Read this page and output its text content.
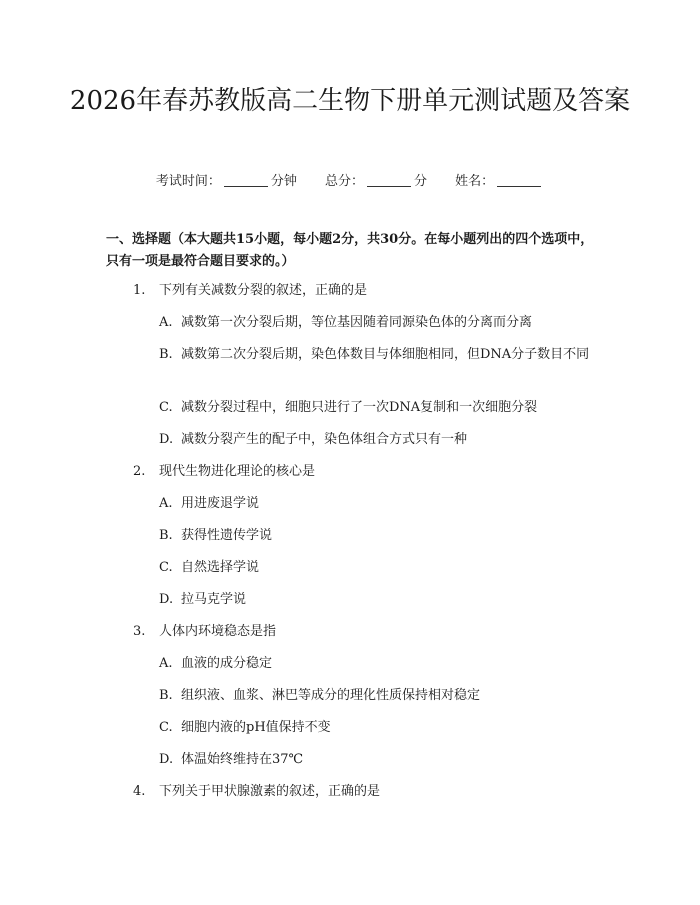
2026年春苏教版高二生物下册单元测试题及答案
考试时间：	分钟 总分：	分 姓名：
一、选择题（本大题共15小题，每小题2分，共30分。在每小题列出的四个选项中，只有一项是最符合题目要求的。）
1. 下列有关减数分裂的叙述，正确的是
A. 减数第一次分裂后期，等位基因随着同源染色体的分离而分离
B. 减数第二次分裂后期，染色体数目与体细胞相同，但DNA分子数目不同
C. 减数分裂过程中，细胞只进行了一次DNA复制和一次细胞分裂
D. 减数分裂产生的配子中，染色体组合方式只有一种
2. 现代生物进化理论的核心是
A. 用进废退学说
B. 获得性遗传学说
C. 自然选择学说
D. 拉马克学说
3. 人体内环境稳态是指
A. 血液的成分稳定
B. 组织液、血浆、淋巴等成分的理化性质保持相对稳定
C. 细胞内液的pH值保持不变
D. 体温始终维持在37℃
4. 下列关于甲状腺激素的叙述，正确的是
